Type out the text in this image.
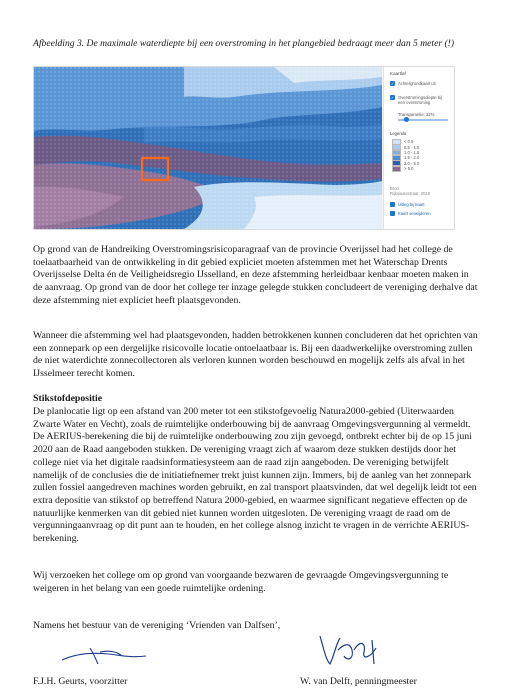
Afbeelding 3. De maximale waterdiepte bij een overstroming in het plangebied bedraagt meer dan 5 meter (!)
Kaartlaf
✓ Achtergrondkaart uit
✓ Overstromingsdiepte bij een overstroming
Transparantie: 32%
Legenda
< 0.5
0.5 - 1.0
1.0 - 1.5
1.5 - 2.0
2.0 - 5.0
> 5.0
Bron
Rijkswaterstaat, 2019
Uitleg bij kaart
Kaart verwijderen

Op grond van de Handreiking Overstromingsrisicoparagraaf van de provincie Overijssel had het college de toelaatbaarheid van de ontwikkeling in dit gebied expliciet moeten afstemmen met het Waterschap Drents Overijsselse Delta én de Veiligheidsregio IJsselland, en deze afstemming herleidbaar kenbaar moeten maken in de aanvraag. Op grond van de door het college ter inzage gelegde stukken concludeert de vereniging derhalve dat deze afstemming niet expliciet heeft plaatsgevonden.

Wanneer die afstemming wel had plaatsgevonden, hadden betrokkenen kunnen concluderen dat het oprichten van een zonnepark op een dergelijke risicovolle locatie ontoelaatbaar is. Bij een daadwerkelijke overstroming zullen de niet waterdichte zonnecollectoren als verloren kunnen worden beschouwd en mogelijk zelfs als afval in het IJsselmeer terecht komen.

Stikstofdepositie

De planlocatie ligt op een afstand van 200 meter tot een stikstofgevoelig Natura2000-gebied (Uiterwaarden Zwarte Water en Vecht), zoals de ruimtelijke onderbouwing bij de aanvraag Omgevingsvergunning al vermeldt. De AERIUS-berekening die bij de ruimtelijke onderbouwing zou zijn gevoegd, ontbrekt echter bij de op 15 juni 2020 aan de Raad aangeboden stukken. De vereniging vraagt zich af waarom deze stukken destijds door het college niet via het digitale raadsinformatiesysteem aan de raad zijn aangeboden. De vereniging betwijfelt namelijk of de conclusies die de initiatiefnemer trekt juist kunnen zijn. Immers, bij de aanleg van het zonnepark zullen fossiel aangedreven machines worden gebruikt, en zal transport plaatsvinden, dat wel degelijk leidt tot een extra depositie van stikstof op betreffend Natura 2000-gebied, en waarmee significant negatieve effecten op de natuurlijke kenmerken van dit gebied niet kunnen worden uitgesloten. De vereniging vraagt de raad om de vergunningaanvraag op dit punt aan te houden, en het college alsnog inzicht te vragen in de verrichte AERIUS-berekening.

Wij verzoeken het college om op grond van voorgaande bezwaren de gevraagde Omgevingsvergunning te weigeren in het belang van een goede ruimtelijke ordening.

Namens het bestuur van de vereniging ‘Vrienden van Dalfsen’,

F.J.H. Geurts, voorzitter	W. van Delft, penningmeester
